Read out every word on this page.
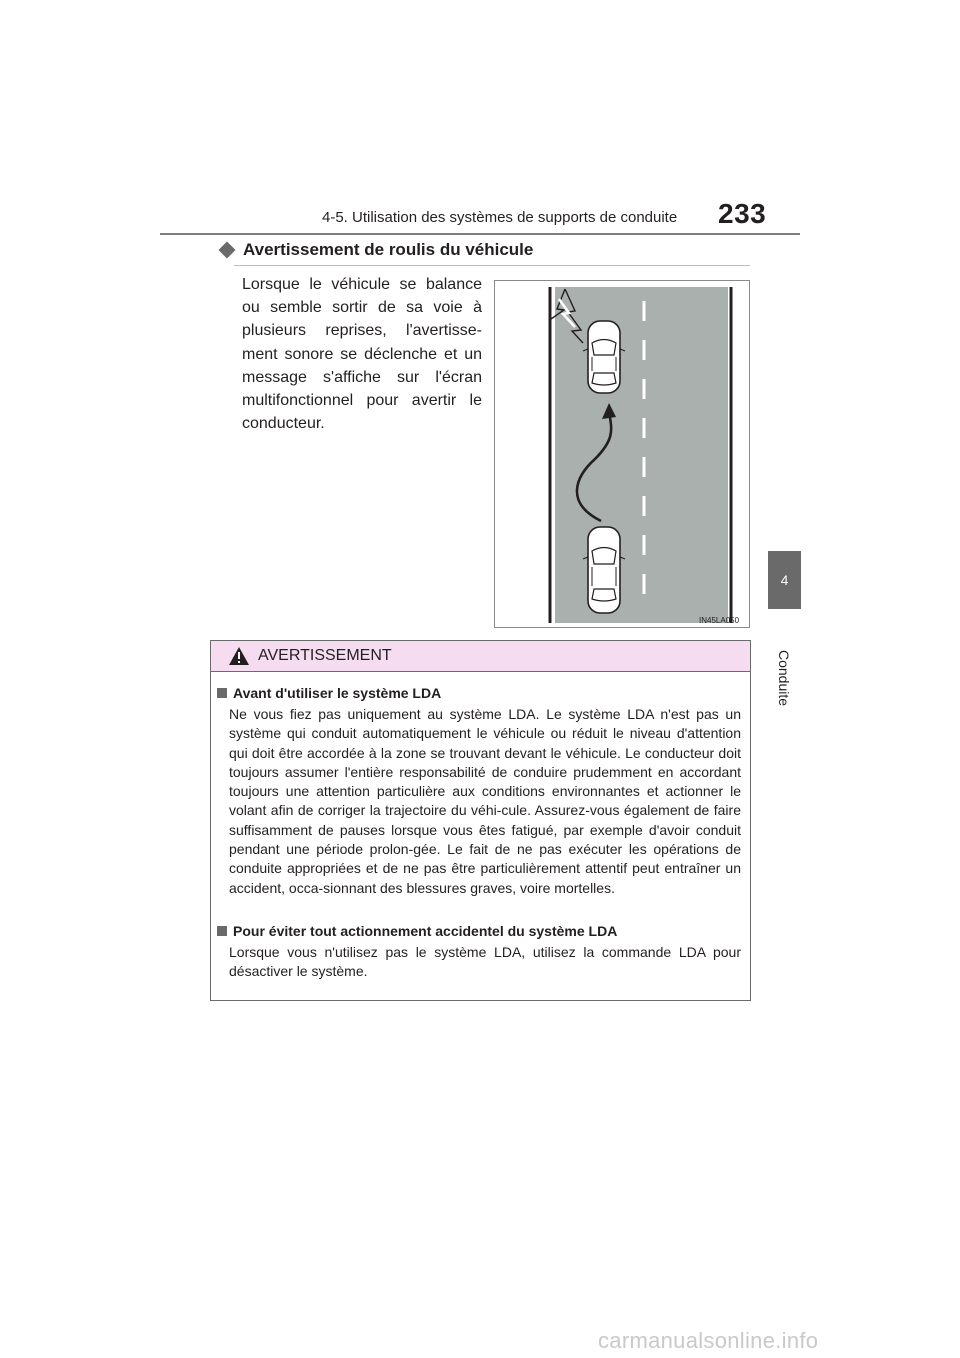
4-5. Utilisation des systèmes de supports de conduite 233
4
Conduite
Avertissement de roulis du véhicule

Lorsque le véhicule se balance ou semble sortir de sa voie à plusieurs reprises, l'avertisse-ment sonore se déclenche et un message s'affiche sur l'écran multifonctionnel pour avertir le conducteur.

IN45LA050
AVERTISSEMENT
Avant d'utiliser le système LDA
Ne vous fiez pas uniquement au système LDA. Le système LDA n'est pas un système qui conduit automatiquement le véhicule ou réduit le niveau d'attention qui doit être accordée à la zone se trouvant devant le véhicule. Le conducteur doit toujours assumer l'entière responsabilité de conduire prudemment en accordant toujours une attention particulière aux conditions environnantes et actionner le volant afin de corriger la trajectoire du véhi-cule. Assurez-vous également de faire suffisamment de pauses lorsque vous êtes fatigué, par exemple d'avoir conduit pendant une période prolon-gée. Le fait de ne pas exécuter les opérations de conduite appropriées et de ne pas être particulièrement attentif peut entraîner un accident, occa-sionnant des blessures graves, voire mortelles.
Pour éviter tout actionnement accidentel du système LDA
Lorsque vous n'utilisez pas le système LDA, utilisez la commande LDA pour désactiver le système.
carmanualsonline.info
